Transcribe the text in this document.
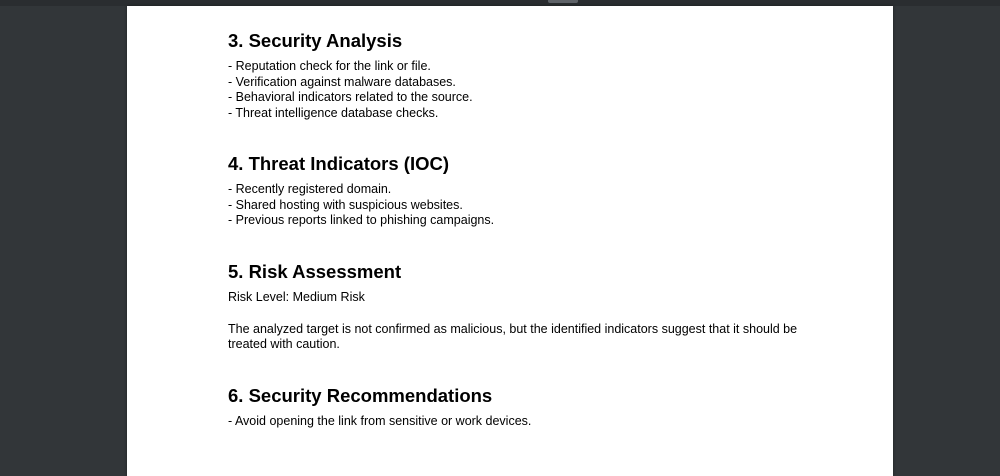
3. Security Analysis
- Reputation check for the link or file.
- Verification against malware databases.
- Behavioral indicators related to the source.
- Threat intelligence database checks.
4. Threat Indicators (IOC)
- Recently registered domain.
- Shared hosting with suspicious websites.
- Previous reports linked to phishing campaigns.
5. Risk Assessment

Risk Level: Medium Risk

The analyzed target is not confirmed as malicious, but the identified indicators suggest that it should be treated with caution.

6. Security Recommendations
- Avoid opening the link from sensitive or work devices.
